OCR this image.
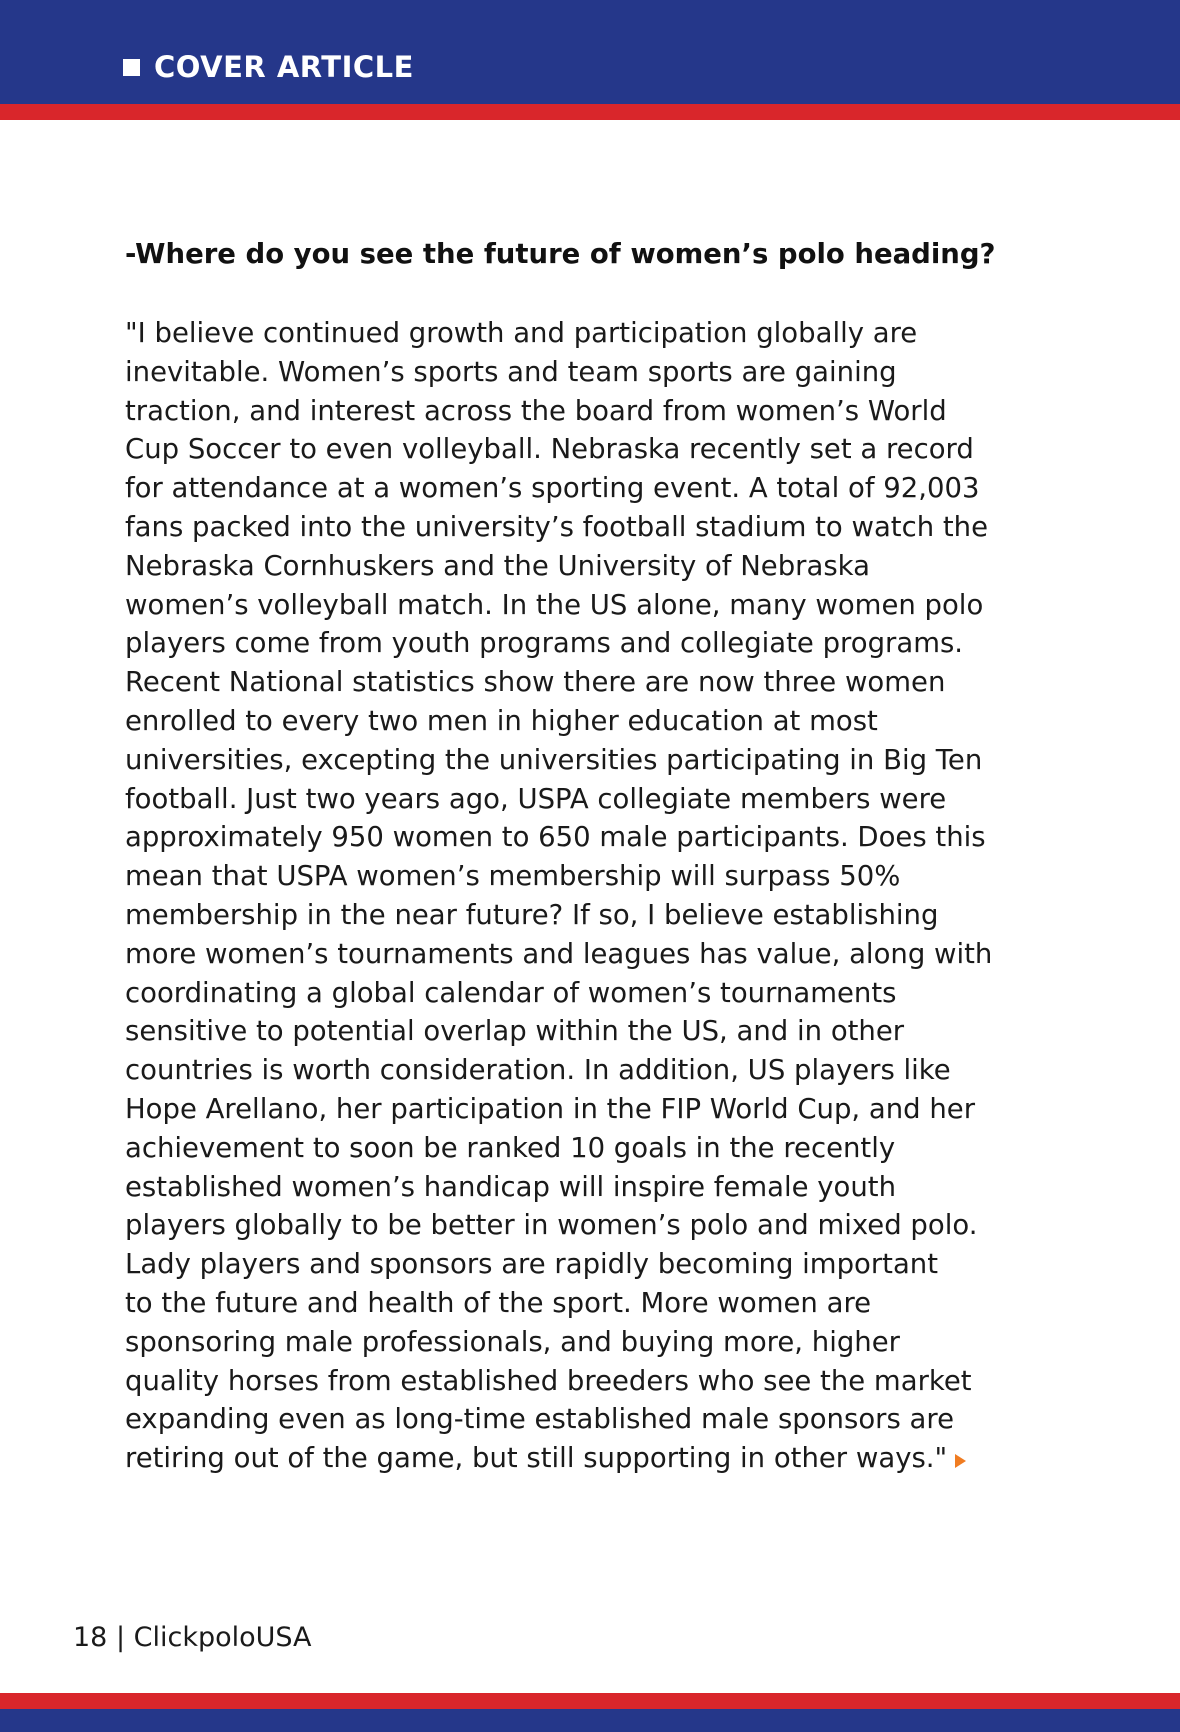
COVER ARTICLE
-Where do you see the future of women’s polo heading?
"I believe continued growth and participation globally are
inevitable. Women’s sports and team sports are gaining
traction, and interest across the board from women’s World
Cup Soccer to even volleyball. Nebraska recently set a record
for attendance at a women’s sporting event. A total of 92,003
fans packed into the university’s football stadium to watch the
Nebraska Cornhuskers and the University of Nebraska
women’s volleyball match. In the US alone, many women polo
players come from youth programs and collegiate programs.
Recent National statistics show there are now three women
enrolled to every two men in higher education at most
universities, excepting the universities participating in Big Ten
football. Just two years ago, USPA collegiate members were
approximately 950 women to 650 male participants. Does this
mean that USPA women’s membership will surpass 50%
membership in the near future? If so, I believe establishing
more women’s tournaments and leagues has value, along with
coordinating a global calendar of women’s tournaments
sensitive to potential overlap within the US, and in other
countries is worth consideration. In addition, US players like
Hope Arellano, her participation in the FIP World Cup, and her
achievement to soon be ranked 10 goals in the recently
established women’s handicap will inspire female youth
players globally to be better in women’s polo and mixed polo.
Lady players and sponsors are rapidly becoming important
to the future and health of the sport. More women are
sponsoring male professionals, and buying more, higher
quality horses from established breeders who see the market
expanding even as long-time established male sponsors are
retiring out of the game, but still supporting in other ways."
18 | ClickpoloUSA
